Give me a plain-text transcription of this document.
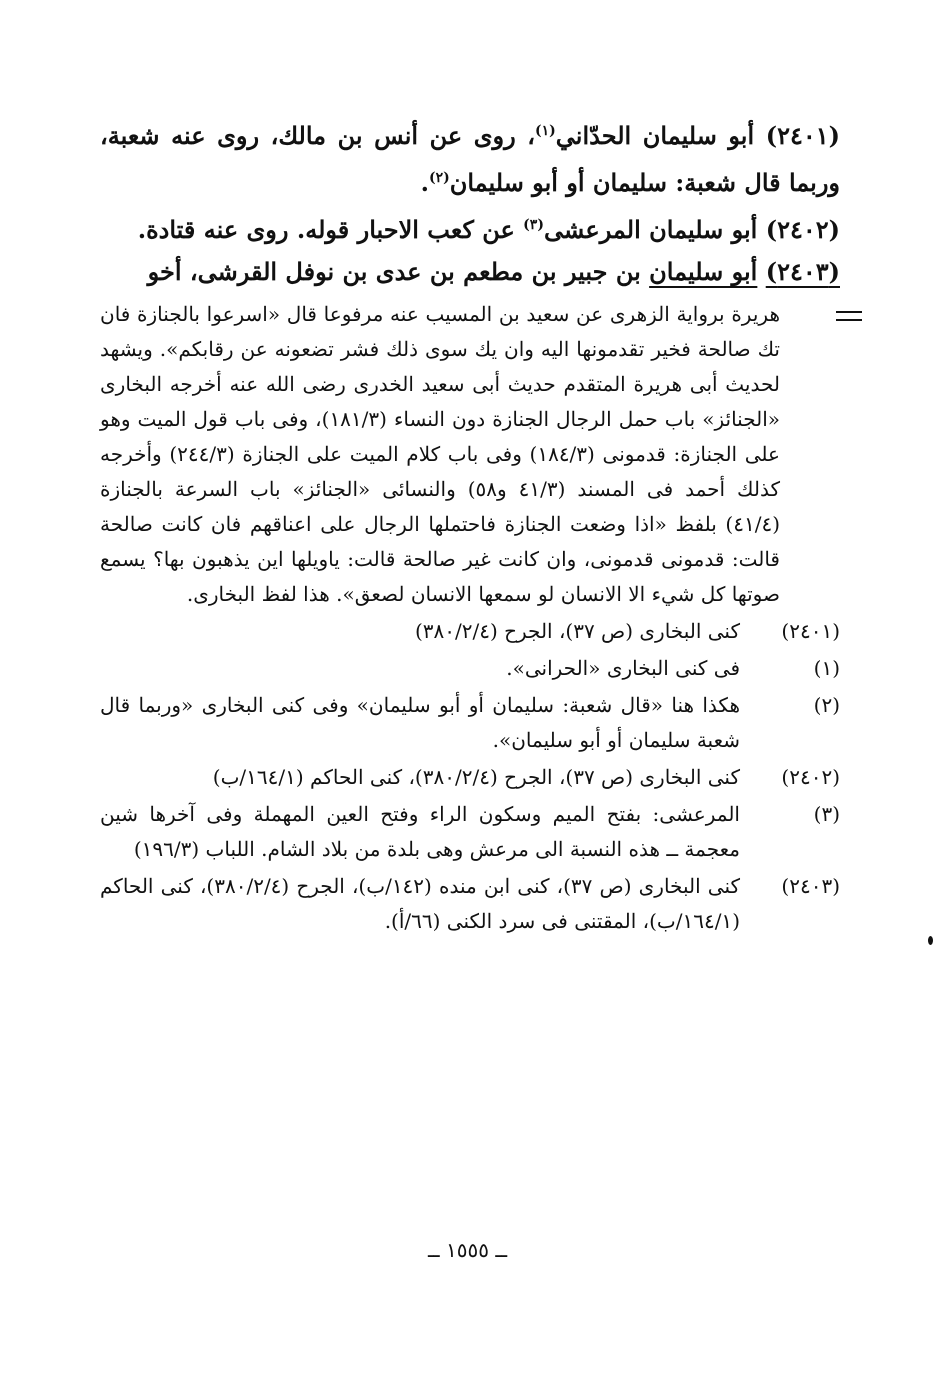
(٢٤٠١) أبو سليمان الحدّاني$^{(١)}$، روى عن أنس بن مالك، روى عنه شعبة، وربما قال شعبة: سليمان أو أبو سليمان$^{(٢)}$.

(٢٤٠٢) أبو سليمان المرعشى$^{(٣)}$ عن كعب الاحبار قوله. روى عنه قتادة.

(٢٤٠٣) أبو سليمان بن جبير بن مطعم بن عدى بن نوفل القرشى، أخو

هريرة برواية الزهرى عن سعيد بن المسيب عنه مرفوعا قال «اسرعوا بالجنازة فان تك صالحة فخير تقدمونها اليه وان يك سوى ذلك فشر تضعونه عن رقابكم». ويشهد لحديث أبى هريرة المتقدم حديث أبى سعيد الخدرى رضى الله عنه أخرجه البخارى «الجنائز» باب حمل الرجال الجنازة دون النساء (١٨١/٣)، وفى باب قول الميت وهو على الجنازة: قدمونى (١٨٤/٣) وفى باب كلام الميت على الجنازة (٢٤٤/٣) وأخرجه كذلك أحمد فى المسند (٤١/٣ و٥٨) والنسائى «الجنائز» باب السرعة بالجنازة (٤١/٤) بلفظ «اذا وضعت الجنازة فاحتملها الرجال على اعناقهم فان كانت صالحة قالت: قدمونى قدمونى، وان كانت غير صالحة قالت: ياويلها اين يذهبون بها؟ يسمع صوتها كل شيء الا الانسان لو سمعها الانسان لصعق». هذا لفظ البخارى.

(٢٤٠١)
كنى البخارى (ص ٣٧)، الجرح (٣٨٠/٢/٤)
(١)
فى كنى البخارى «الحرانى».
(٢)
هكذا هنا «قال شعبة: سليمان أو أبو سليمان» وفى كنى البخارى «وربما قال شعبة سليمان أو أبو سليمان».
(٢٤٠٢)
كنى البخارى (ص ٣٧)، الجرح (٣٨٠/٢/٤)، كنى الحاكم (١٦٤/١/ب)
(٣)
المرعشى: بفتح الميم وسكون الراء وفتح العين المهملة وفى آخرها شين معجمة ــ هذه النسبة الى مرعش وهى بلدة من بلاد الشام. اللباب (١٩٦/٣)
(٢٤٠٣)
كنى البخارى (ص ٣٧)، كنى ابن منده (١٤٢/ب)، الجرح (٣٨٠/٢/٤)، كنى الحاكم (١٦٤/١/ب)، المقتنى فى سرد الكنى (٦٦/أ).
ــ ١٥٥٥ ــ
